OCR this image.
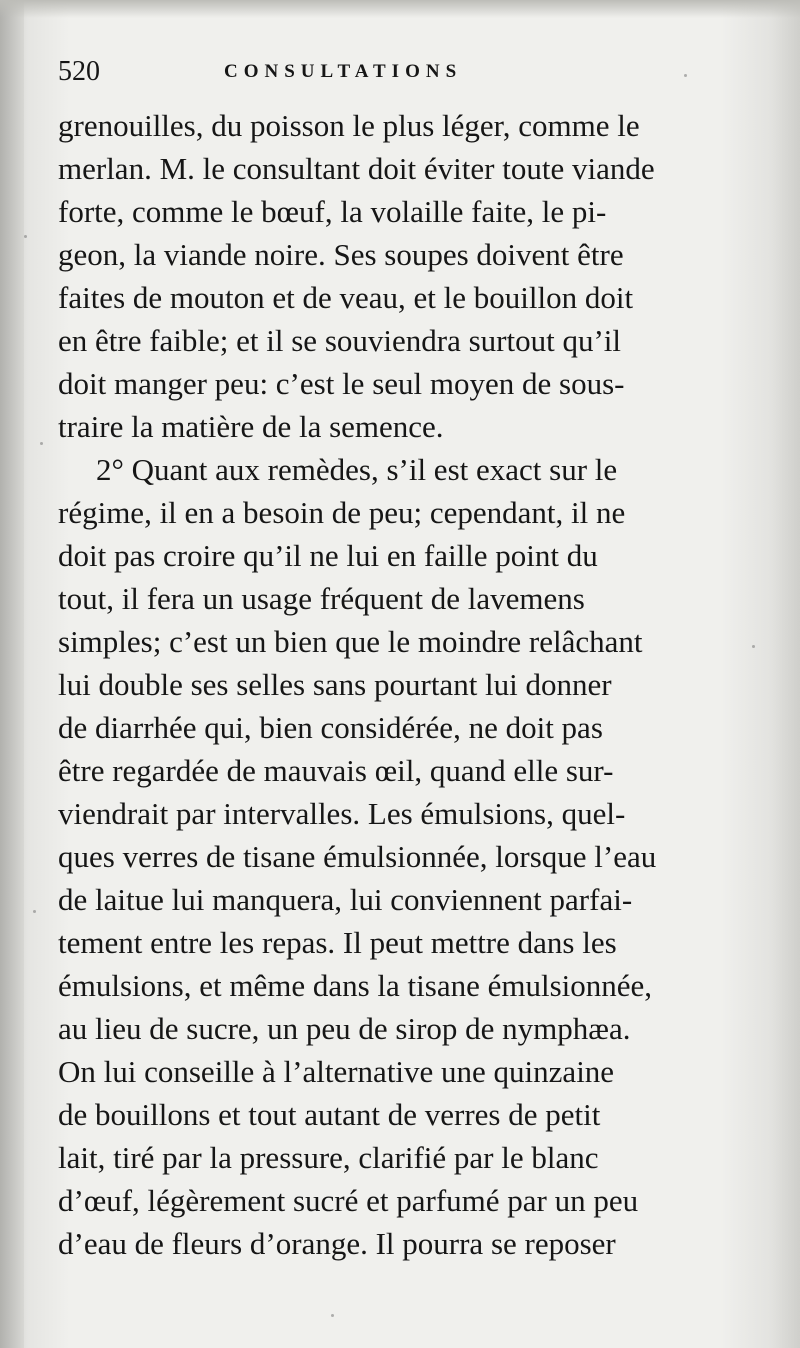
520	CONSULTATIONS
grenouilles, du poisson le plus léger, comme le
merlan. M. le consultant doit éviter toute viande
forte, comme le bœuf, la volaille faite, le pi-
geon, la viande noire. Ses soupes doivent être
faites de mouton et de veau, et le bouillon doit
en être faible; et il se souviendra surtout qu’il
doit manger peu: c’est le seul moyen de sous-
traire la matière de la semence.
2° Quant aux remèdes, s’il est exact sur le
régime, il en a besoin de peu; cependant, il ne
doit pas croire qu’il ne lui en faille point du
tout, il fera un usage fréquent de lavemens
simples; c’est un bien que le moindre relâchant
lui double ses selles sans pourtant lui donner
de diarrhée qui, bien considérée, ne doit pas
être regardée de mauvais œil, quand elle sur-
viendrait par intervalles. Les émulsions, quel-
ques verres de tisane émulsionnée, lorsque l’eau
de laitue lui manquera, lui conviennent parfai-
tement entre les repas. Il peut mettre dans les
émulsions, et même dans la tisane émulsionnée,
au lieu de sucre, un peu de sirop de nymphæa.
On lui conseille à l’alternative une quinzaine
de bouillons et tout autant de verres de petit
lait, tiré par la pressure, clarifié par le blanc
d’œuf, légèrement sucré et parfumé par un peu
d’eau de fleurs d’orange. Il pourra se reposer
